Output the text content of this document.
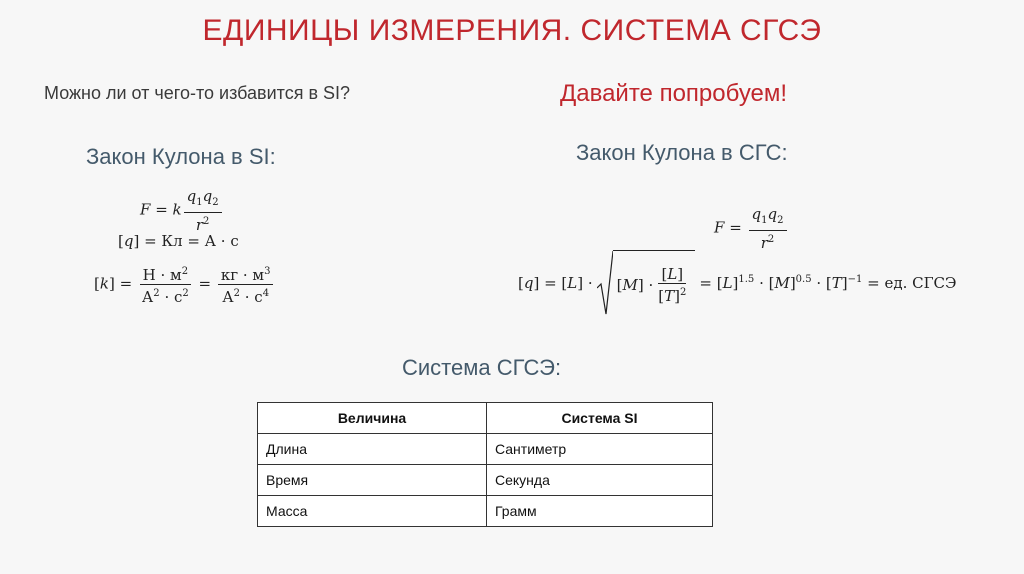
ЕДИНИЦЫ ИЗМЕРЕНИЯ. СИСТЕМА СГСЭ
Можно ли от чего-то избавится в SI?	Давайте попробуем!
Закон Кулона в SI:	Закон Кулона в СГС:
F = k $\frac{q_1q_2}{r^2}$
[q] = Кл = А · с
$[k] = \frac{Н \cdot м^2}{А^2 \cdot с^2} = \frac{кг \cdot м^3}{А^2 \cdot с^4}$
$F = \frac{q_1q_2}{r^2}$
[q] = [L] · [ M ] · $\frac{[L]}{[T]^2} = [L]^{1.5} \cdot [M]^{0.5} \cdot [T]^{-1}$ = ед. СГСЭ
Система СГСЭ:
Величина	Система SI
Длина	Сантиметр
Время	Секунда
Масса	Грамм
